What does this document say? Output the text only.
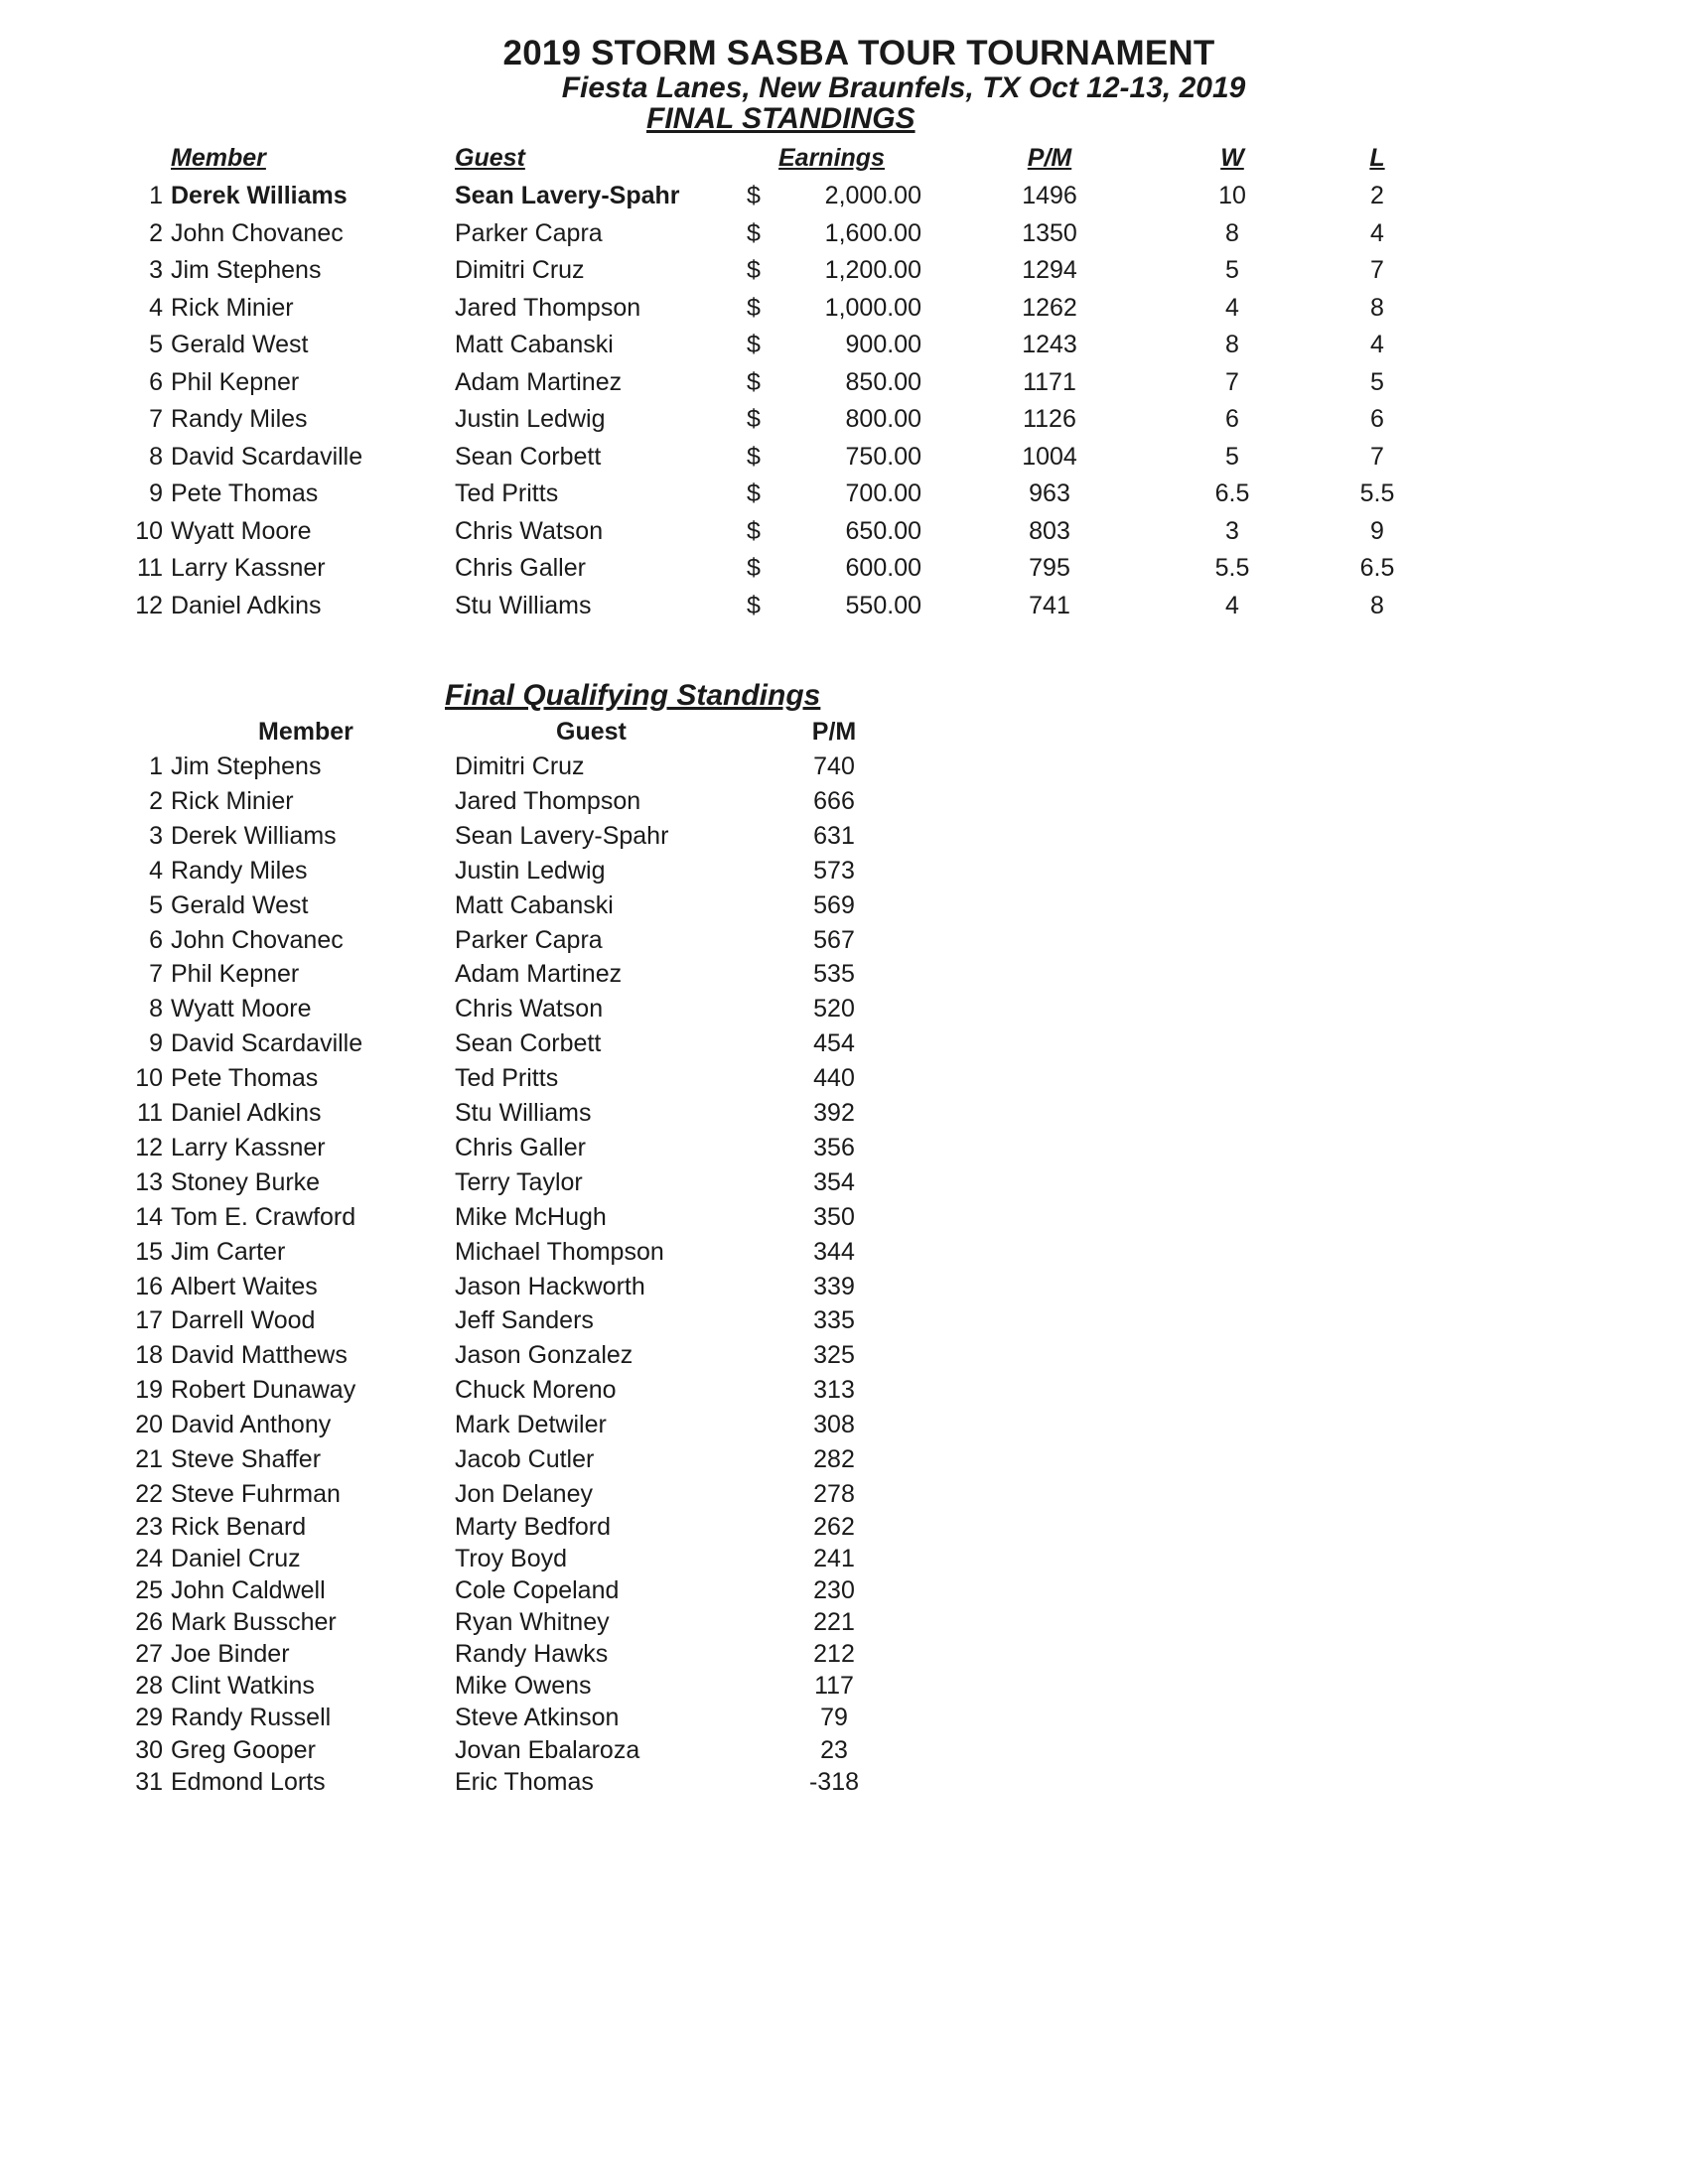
2019 STORM SASBA TOUR TOURNAMENT
Fiesta Lanes, New Braunfels, TX Oct 12-13, 2019
FINAL STANDINGS
Member	Guest	Earnings	P/M	W	L
1 Derek Williams	Sean Lavery-Spahr	$	2,000.00	1496	10	2
2 John Chovanec	Parker Capra	$	1,600.00	1350	8	4
3 Jim Stephens	Dimitri Cruz	$	1,200.00	1294	5	7
4 Rick Minier	Jared Thompson	$	1,000.00	1262	4	8
5 Gerald West	Matt Cabanski	$	900.00	1243	8	4
6 Phil Kepner	Adam Martinez	$	850.00	1171	7	5
7 Randy Miles	Justin Ledwig	$	800.00	1126	6	6
8 David Scardaville	Sean Corbett	$	750.00	1004	5	7
9 Pete Thomas	Ted Pritts	$	700.00	963	6.5	5.5
10 Wyatt Moore	Chris Watson	$	650.00	803	3	9
11 Larry Kassner	Chris Galler	$	600.00	795	5.5	6.5
12 Daniel Adkins	Stu Williams	$	550.00	741	4	8
Final Qualifying Standings
Member	Guest	P/M
1 Jim Stephens	Dimitri Cruz	740
2 Rick Minier	Jared Thompson	666
3 Derek Williams	Sean Lavery-Spahr	631
4 Randy Miles	Justin Ledwig	573
5 Gerald West	Matt Cabanski	569
6 John Chovanec	Parker Capra	567
7 Phil Kepner	Adam Martinez	535
8 Wyatt Moore	Chris Watson	520
9 David Scardaville	Sean Corbett	454
10 Pete Thomas	Ted Pritts	440
11 Daniel Adkins	Stu Williams	392
12 Larry Kassner	Chris Galler	356
13 Stoney Burke	Terry Taylor	354
14 Tom E. Crawford	Mike McHugh	350
15 Jim Carter	Michael Thompson	344
16 Albert Waites	Jason Hackworth	339
17 Darrell Wood	Jeff Sanders	335
18 David Matthews	Jason Gonzalez	325
19 Robert Dunaway	Chuck Moreno	313
20 David Anthony	Mark Detwiler	308
21 Steve Shaffer	Jacob Cutler	282
22 Steve Fuhrman	Jon Delaney	278
23 Rick Benard	Marty Bedford	262
24 Daniel Cruz	Troy Boyd	241
25 John Caldwell	Cole Copeland	230
26 Mark Busscher	Ryan Whitney	221
27 Joe Binder	Randy Hawks	212
28 Clint Watkins	Mike Owens	117
29 Randy Russell	Steve Atkinson	79
30 Greg Gooper	Jovan Ebalaroza	23
31 Edmond Lorts	Eric Thomas	-318
